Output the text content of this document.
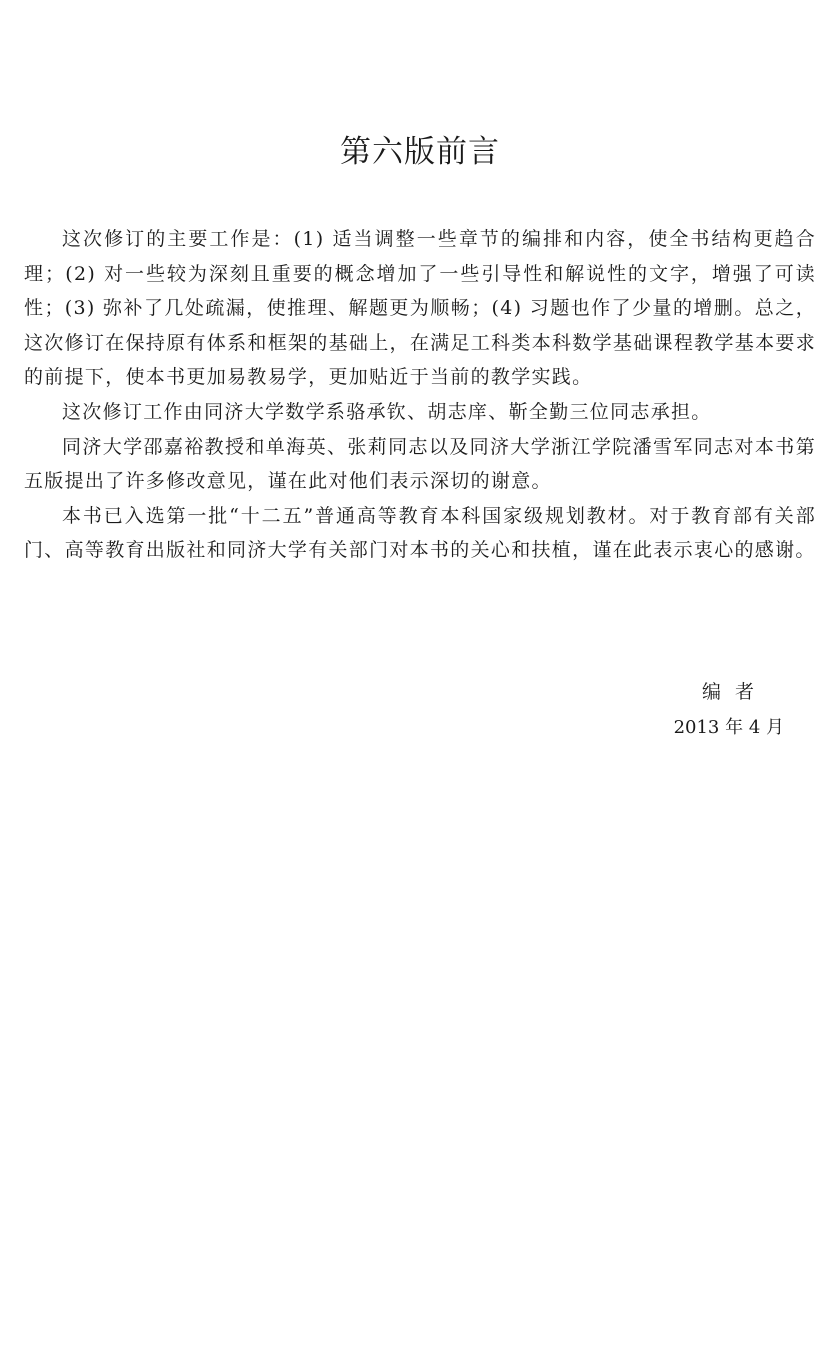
第六版前言

这次修订的主要工作是：(1) 适当调整一些章节的编排和内容，使全书结构更趋合理；(2) 对一些较为深刻且重要的概念增加了一些引导性和解说性的文字，增强了可读性；(3) 弥补了几处疏漏，使推理、解题更为顺畅；(4) 习题也作了少量的增删。总之，这次修订在保持原有体系和框架的基础上，在满足工科类本科数学基础课程教学基本要求的前提下，使本书更加易教易学，更加贴近于当前的教学实践。

这次修订工作由同济大学数学系骆承钦、胡志庠、靳全勤三位同志承担。

同济大学邵嘉裕教授和单海英、张莉同志以及同济大学浙江学院潘雪军同志对本书第五版提出了许多修改意见，谨在此对他们表示深切的谢意。

本书已入选第一批“十二五”普通高等教育本科国家级规划教材。对于教育部有关部门、高等教育出版社和同济大学有关部门对本书的关心和扶植，谨在此表示衷心的感谢。

编者
2013 年 4 月
